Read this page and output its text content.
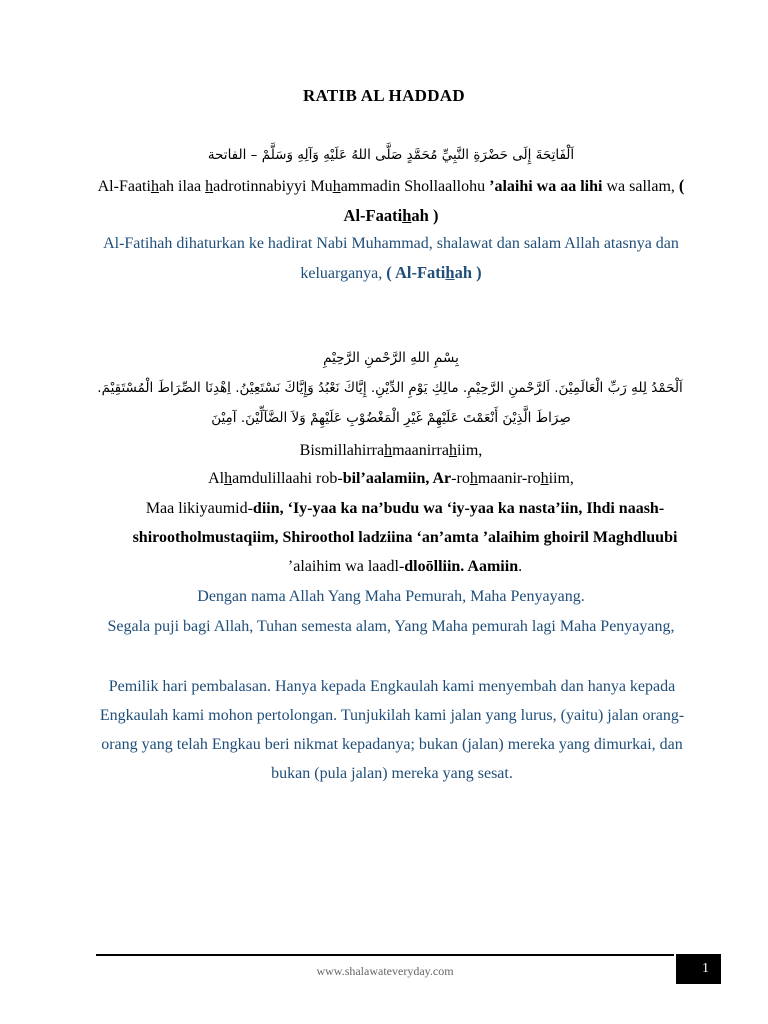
RATIB AL HADDAD
اَلْفَاتِحَةَ إِلَى حَضْرَةِ النَّبِيِّ مُحَمَّدٍ صَلَّى اللهُ عَلَيْهِ وَآلِهِ وَسَلَّمْ – الفاتحة
Al-Faatihah ilaa hadrotinnabiyyi Muhammadin Shollaallohu ’alaihi wa aa lihi wa sallam, ( Al-Faatihah )
Al-Fatihah dihaturkan ke hadirat Nabi Muhammad, shalawat dan salam Allah atasnya dan keluarganya, ( Al-Fatihah )
بِسْمِ اللهِ الرَّحْمنِ الرَّحِيْمِ
اَلْحَمْدُ لِلهِ رَبِّ الْعَالَمِيْنَ. اَلرَّحْمنِ الرَّحِيْمِ. مالِكِ يَوْمِ الدِّيْنِ. إِيَّاكَ نَعْبُدُ وَإِيَّاكَ نَسْتَعِيْنُ. اِهْدِنَا الصِّرَاطَ الْمُسْتَقِيْمَ.
صِرَاطَ الَّذِيْنَ أَنْعَمْتَ عَلَيْهِمْ غَيْرِ الْمَغْضُوْبِ عَلَيْهِمْ وَلاَ الضَّآلِّيْنَ. آمِيْنَ
Bismillahirrahmaanirrahiim,
Alhamdulillaahi rob-bil’aalamiin, Ar-rohmaanir-rohiim,
Maa likiyaumid-diin, ‘Iy-yaa ka na’budu wa ‘iy-yaa ka nasta’iin, Ihdi naash-shirootholmustaqiim, Shiroothol ladziina ‘an’amta ’alaihim ghoiril Maghdluubi ’alaihim wa laadl-dloōlliin. Aamiin.
Dengan nama Allah Yang Maha Pemurah, Maha Penyayang.
Segala puji bagi Allah, Tuhan semesta alam, Yang Maha pemurah lagi Maha Penyayang,
Pemilik hari pembalasan. Hanya kepada Engkaulah kami menyembah dan hanya kepada Engkaulah kami mohon pertolongan. Tunjukilah kami jalan yang lurus, (yaitu) jalan orang-orang yang telah Engkau beri nikmat kepadanya; bukan (jalan) mereka yang dimurkai, dan bukan (pula jalan) mereka yang sesat.
www.shalawateveryday.com	1
